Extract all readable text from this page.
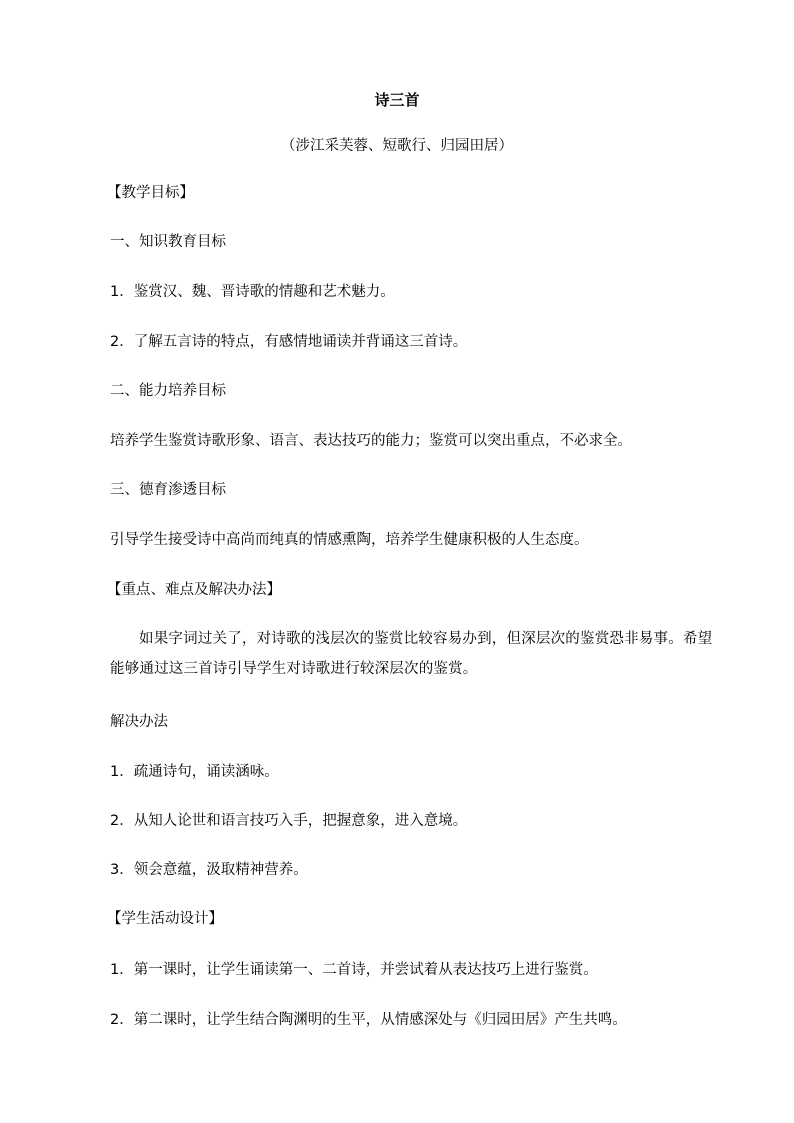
诗三首
（涉江采芙蓉、短歌行、归园田居）
【教学目标】
一、知识教育目标
1．鉴赏汉、魏、晋诗歌的情趣和艺术魅力。
2．了解五言诗的特点，有感情地诵读并背诵这三首诗。
二、能力培养目标
培养学生鉴赏诗歌形象、语言、表达技巧的能力；鉴赏可以突出重点，不必求全。
三、德育渗透目标
引导学生接受诗中高尚而纯真的情感熏陶，培养学生健康积极的人生态度。
【重点、难点及解决办法】
如果字词过关了，对诗歌的浅层次的鉴赏比较容易办到，但深层次的鉴赏恐非易事。希望能够通过这三首诗引导学生对诗歌进行较深层次的鉴赏。
解决办法
1．疏通诗句，诵读涵咏。
2．从知人论世和语言技巧入手，把握意象，进入意境。
3．领会意蕴，汲取精神营养。
【学生活动设计】
1．第一课时，让学生诵读第一、二首诗，并尝试着从表达技巧上进行鉴赏。
2．第二课时，让学生结合陶渊明的生平，从情感深处与《归园田居》产生共鸣。
